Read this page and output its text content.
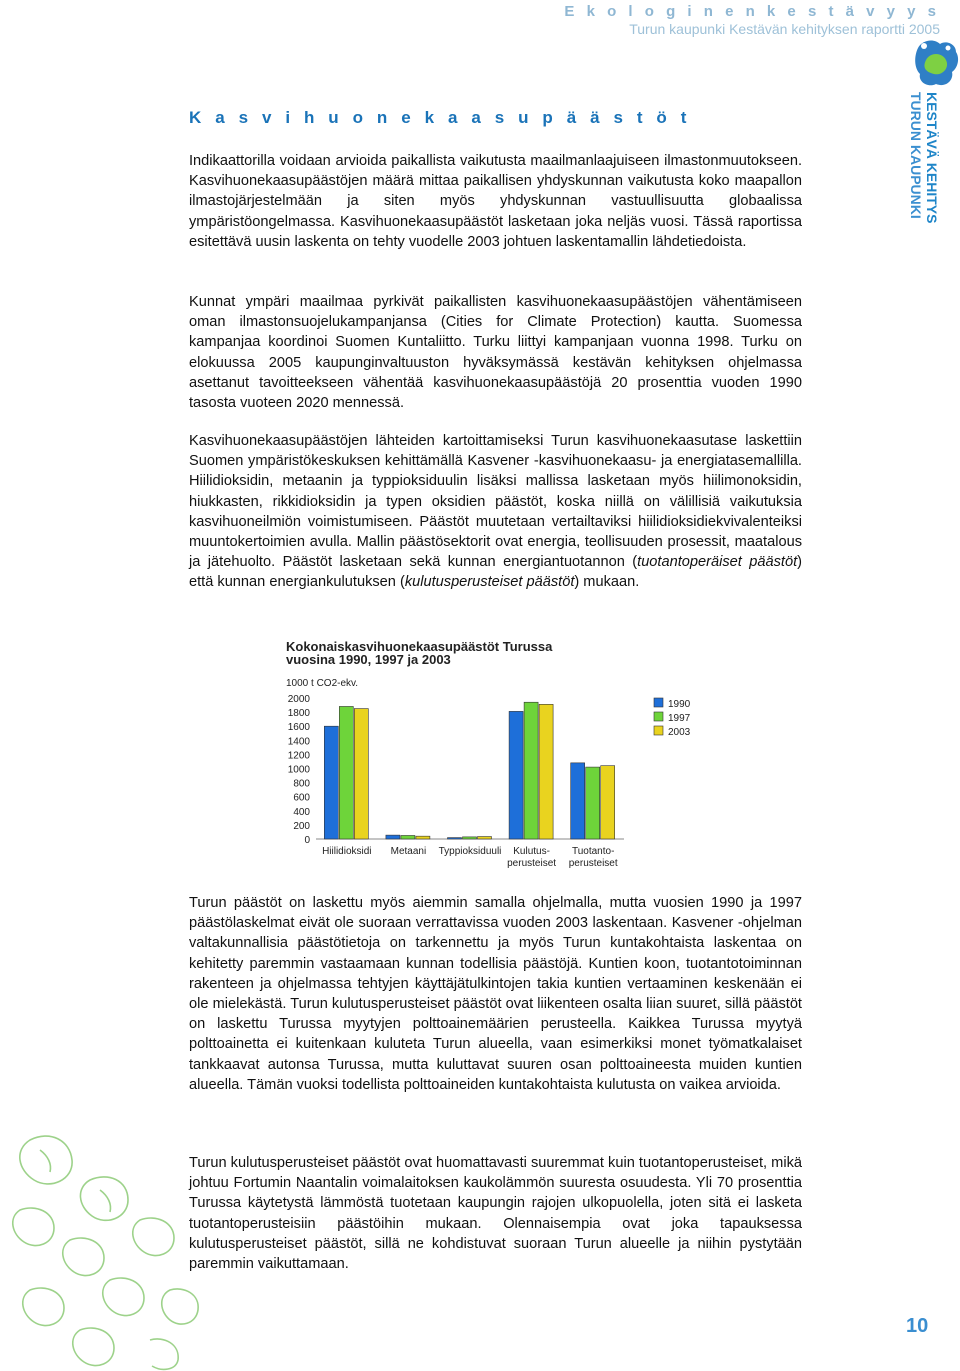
E k o l o g i n e n k e s t ä v y y s
Turun kaupunki Kestävän kehityksen raportti 2005
KESTÄVÄ KEHITYS
TURUN KAUPUNKI
K a s v i h u o n e k a a s u p ä ä s t ö t

Indikaattorilla voidaan arvioida paikallista vaikutusta maailmanlaajuiseen ilmastonmuutokseen. Kasvihuonekaasupäästöjen määrä mittaa paikallisen yhdyskunnan vaikutusta koko maapallon ilmastojärjestelmään ja siten myös yhdyskunnan vastuullisuutta globaalissa ympäristöongelmassa. Kasvihuonekaasupäästöt lasketaan joka neljäs vuosi. Tässä raportissa esitettävä uusin laskenta on tehty vuodelle 2003 johtuen laskentamallin lähdetiedoista.

Kunnat ympäri maailmaa pyrkivät paikallisten kasvihuonekaasupäästöjen vähentämiseen oman ilmastonsuojelukampanjansa (Cities for Climate Protection) kautta. Suomessa kampanjaa koordinoi Suomen Kuntaliitto. Turku liittyi kampanjaan vuonna 1998. Turku on elokuussa 2005 kaupunginvaltuuston hyväksymässä kestävän kehityksen ohjelmassa asettanut tavoitteekseen vähentää kasvihuonekaasupäästöjä 20 prosenttia vuoden 1990 tasosta vuoteen 2020 mennessä.

Kasvihuonekaasupäästöjen lähteiden kartoittamiseksi Turun kasvihuonekaasutase laskettiin Suomen ympäristökeskuksen kehittämällä Kasvener -kasvihuonekaasu- ja energiatasemallilla. Hiilidioksidin, metaanin ja typpioksiduulin lisäksi mallissa lasketaan myös hiilimonoksidin, hiukkasten, rikkidioksidin ja typen oksidien päästöt, koska niillä on välillisiä vaikutuksia kasvihuoneilmiön voimistumiseen. Päästöt muutetaan vertailtaviksi hiilidioksidiekvivalenteiksi muuntokertoimien avulla. Mallin päästösektorit ovat energia, teollisuuden prosessit, maatalous ja jätehuolto. Päästöt lasketaan sekä kunnan energiantuotannon (tuotantoperäiset päästöt) että kunnan energiankulutuksen (kulutusperusteiset päästöt) mukaan.

Kokonaiskasvihuonekaasupäästöt Turussa
vuosina 1990, 1997 ja 2003
1000 t CO2-ekv.
0
200
400
600
800
1000
1200
1400
1600
1800
2000
Hiilidioksidi Metaani Typpioksiduuli Kulutus-
perusteiset
Tuotanto-
perusteiset
1990
1997
2003

Turun päästöt on laskettu myös aiemmin samalla ohjelmalla, mutta vuosien 1990 ja 1997 päästölaskelmat eivät ole suoraan verrattavissa vuoden 2003 laskentaan. Kasvener -ohjelman valtakunnallisia päästötietoja on tarkennettu ja myös Turun kuntakohtaista laskentaa on kehitetty paremmin vastaamaan kunnan todellisia päästöjä. Kuntien koon, tuotantotoiminnan rakenteen ja ohjelmassa tehtyjen käyttäjätulkintojen takia kuntien vertaaminen keskenään ei ole mielekästä. Turun kulutusperusteiset päästöt ovat liikenteen osalta liian suuret, sillä päästöt on laskettu Turussa myytyjen polttoainemäärien perusteella. Kaikkea Turussa myytyä polttoainetta ei kuitenkaan kuluteta Turun alueella, vaan esimerkiksi monet työmatkalaiset tankkaavat autonsa Turussa, mutta kuluttavat suuren osan polttoaineesta muiden kuntien alueella. Tämän vuoksi todellista polttoaineiden kuntakohtaista kulutusta on vaikea arvioida.

Turun kulutusperusteiset päästöt ovat huomattavasti suuremmat kuin tuotantoperusteiset, mikä johtuu Fortumin Naantalin voimalaitoksen kaukolämmön suuresta osuudesta. Yli 70 prosenttia Turussa käytetystä lämmöstä tuotetaan kaupungin rajojen ulkopuolella, joten sitä ei lasketa tuotantoperusteisiin päästöihin mukaan. Olennaisempia ovat joka tapauksessa kulutusperusteiset päästöt, sillä ne kohdistuvat suoraan Turun alueelle ja niihin pystytään paremmin vaikuttamaan.

10
